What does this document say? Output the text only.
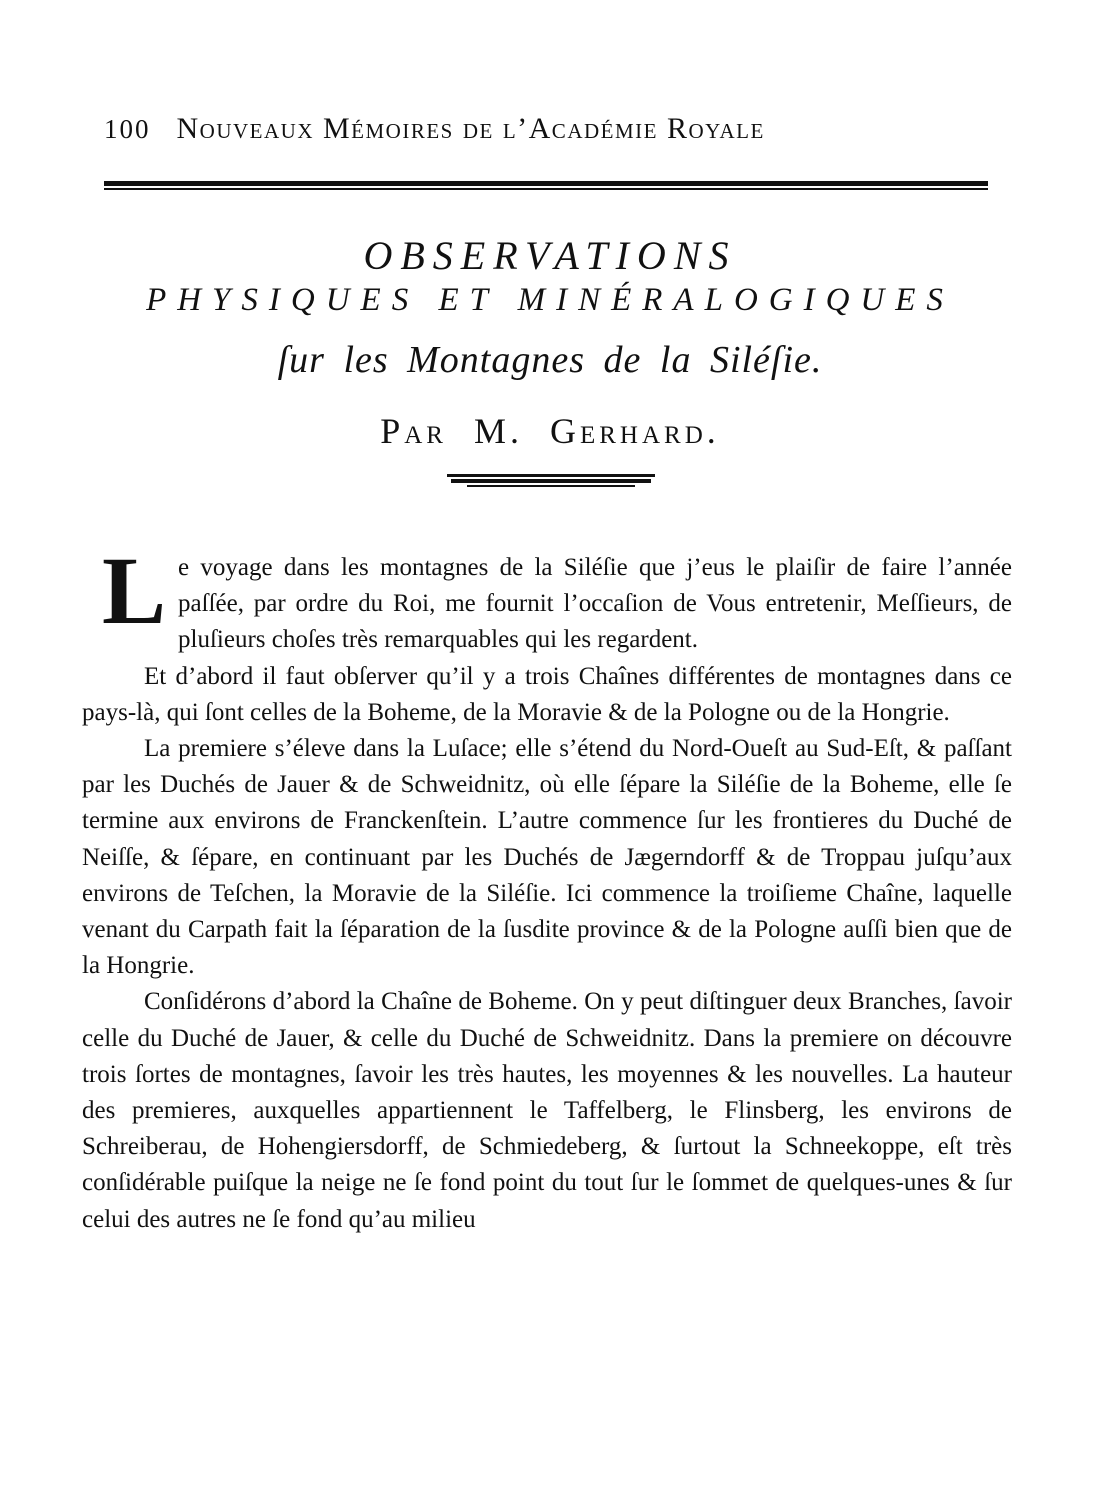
100 Nouveaux Mémoires de l’Académie Royale
OBSERVATIONS
PHYSIQUES ET MINÉRALOGIQUES
ſur les Montagnes de la Siléſie.
Par M. Gerhard.

Le voyage dans les montagnes de la Siléſie que j’eus le plaiſir de faire l’année paſſée, par ordre du Roi, me fournit l’occaſion de Vous entretenir, Meſſieurs, de pluſieurs choſes très remarquables qui les regardent.

Et d’abord il faut obſerver qu’il y a trois Chaînes différentes de montagnes dans ce pays-là, qui ſont celles de la Boheme, de la Moravie & de la Pologne ou de la Hongrie.

La premiere s’éleve dans la Luſace; elle s’étend du Nord-Oueſt au Sud-Eſt, & paſſant par les Duchés de Jauer & de Schweidnitz, où elle ſépare la Siléſie de la Boheme, elle ſe termine aux environs de Franckenſtein. L’autre commence ſur les frontieres du Duché de Neiſſe, & ſépare, en continuant par les Duchés de Jægerndorff & de Troppau juſqu’aux environs de Teſchen, la Moravie de la Siléſie. Ici commence la troiſieme Chaîne, laquelle venant du Carpath fait la ſéparation de la ſusdite province & de la Pologne auſſi bien que de la Hongrie.

Conſidérons d’abord la Chaîne de Boheme. On y peut diſtinguer deux Branches, ſavoir celle du Duché de Jauer, & celle du Duché de Schweidnitz. Dans la premiere on découvre trois ſortes de montagnes, ſavoir les très hautes, les moyennes & les nouvelles. La hauteur des premieres, auxquelles appartiennent le Taffelberg, le Flinsberg, les environs de Schreiberau, de Hohengiersdorff, de Schmiedeberg, & ſurtout la Schneekoppe, eſt très conſidérable puiſque la neige ne ſe fond point du tout ſur le ſommet de quelques-unes & ſur celui des autres ne ſe fond qu’au milieu
